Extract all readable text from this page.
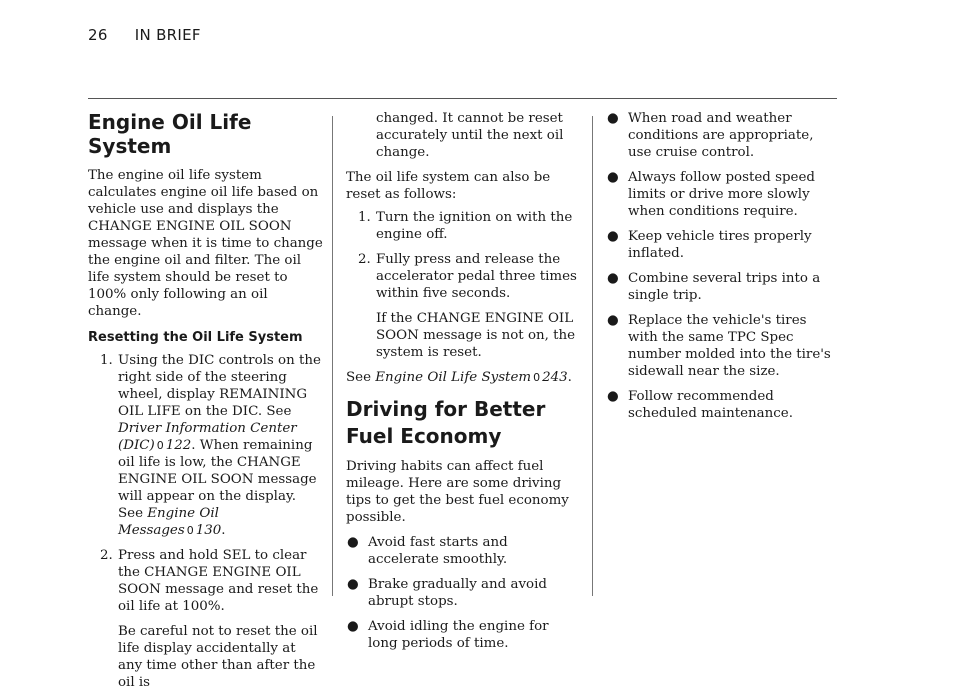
26 IN BRIEF
Engine Oil Life System

The engine oil life system calculates engine oil life based on vehicle use and displays the CHANGE ENGINE OIL SOON message when it is time to change the engine oil and filter. The oil life system should be reset to 100% only following an oil change.

Resetting the Oil Life System
1. Using the DIC controls on the right side of the steering wheel, display REMAINING OIL LIFE on the DIC. See Driver Information Center (DIC) 0 122. When remaining oil life is low, the CHANGE ENGINE OIL SOON message will appear on the display. See Engine Oil Messages 0 130.
2. Press and hold SEL to clear the CHANGE ENGINE OIL SOON message and reset the oil life at 100%.

Be careful not to reset the oil life display accidentally at any time other than after the oil is

changed. It cannot be reset accurately until the next oil change.

The oil life system can also be reset as follows:

1. Turn the ignition on with the engine off.
2. Fully press and release the accelerator pedal three times within five seconds.

If the CHANGE ENGINE OIL SOON message is not on, the system is reset.

See Engine Oil Life System 0 243.

Driving for Better Fuel Economy

Driving habits can affect fuel mileage. Here are some driving tips to get the best fuel economy possible.

● Avoid fast starts and accelerate smoothly.
● Brake gradually and avoid abrupt stops.
● Avoid idling the engine for long periods of time.
● When road and weather conditions are appropriate, use cruise control.
● Always follow posted speed limits or drive more slowly when conditions require.
● Keep vehicle tires properly inflated.
● Combine several trips into a single trip.
● Replace the vehicle's tires with the same TPC Spec number molded into the tire's sidewall near the size.
● Follow recommended scheduled maintenance.
